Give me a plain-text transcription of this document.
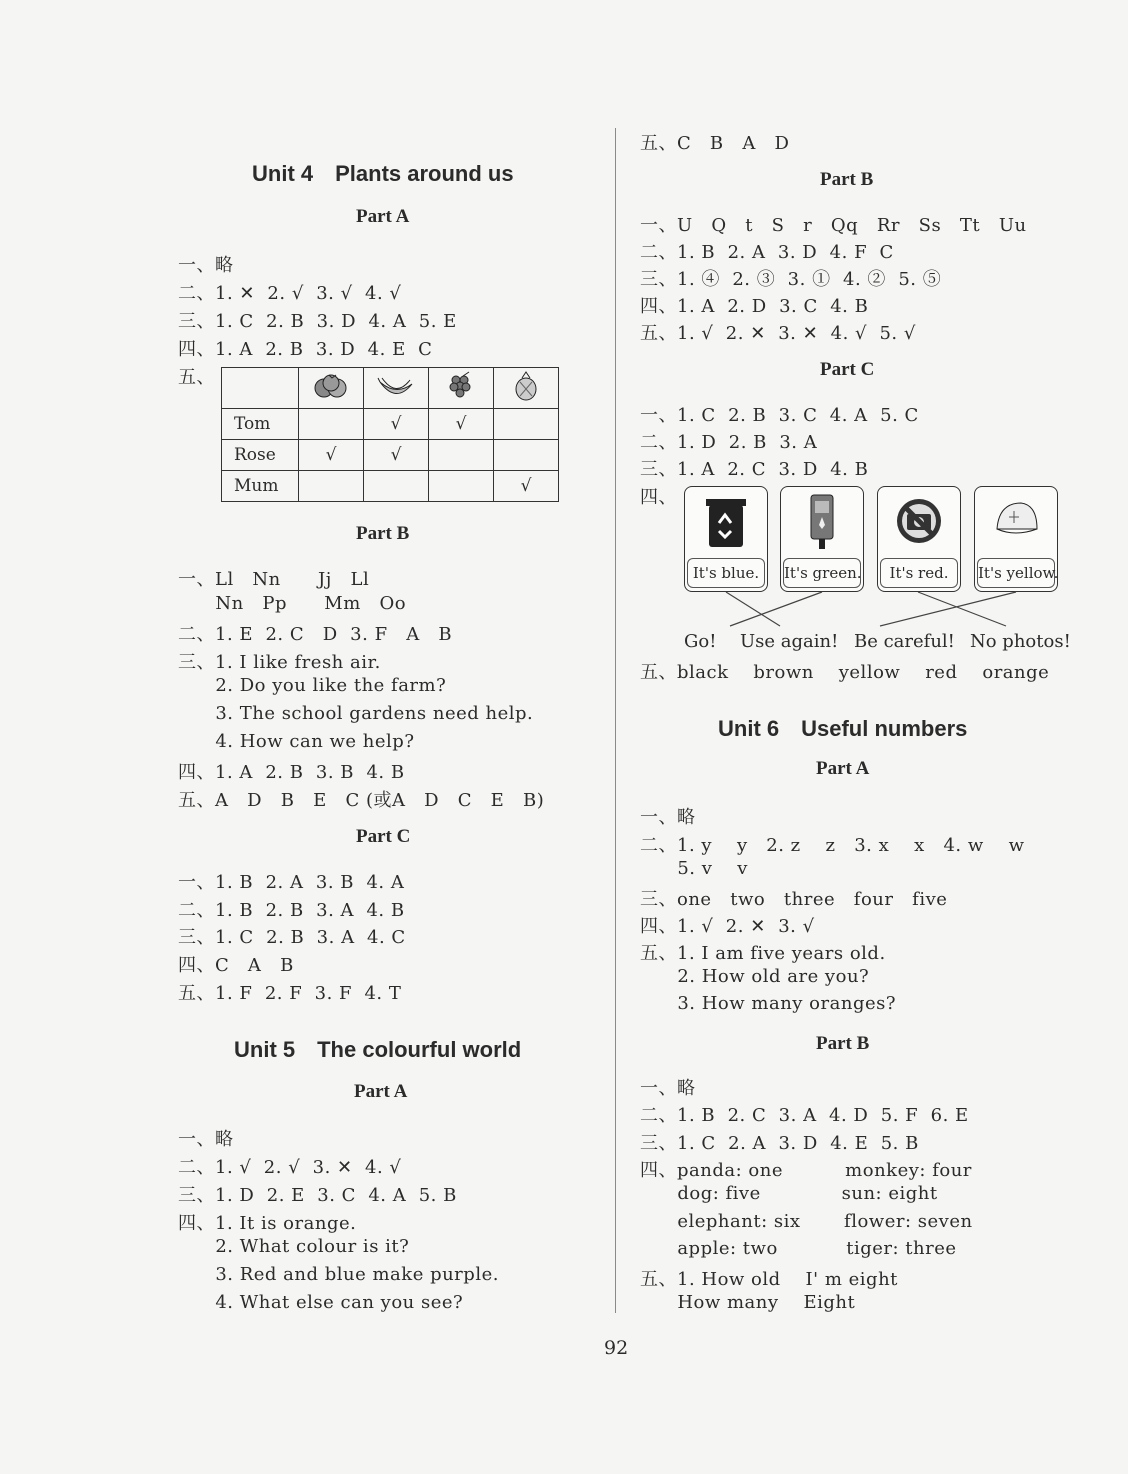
Unit 4　Plants around us
Part A
一、略
二、1. ✕  2. √  3. √  4. √
三、1. C  2. B  3. D  4. A  5. E
四、1. A  2. B  3. D  4. E  C
五、

Tom		√	√	
Rose	√	√		
Mum				√
Part B
一、Ll   Nn      Jj   Ll
Nn   Pp      Mm   Oo
二、1. E  2. C   D  3. F   A   B
三、1. I like fresh air.
2. Do you like the farm?
3. The school gardens need help.
4. How can we help?
四、1. A  2. B  3. B  4. B
五、A   D   B   E   C (或A   D   C   E   B)
Part C
一、1. B  2. A  3. B  4. A
二、1. B  2. B  3. A  4. B
三、1. C  2. B  3. A  4. C
四、C   A   B
五、1. F  2. F  3. F  4. T
Unit 5　The colourful world
Part A
一、略
二、1. √  2. √  3. ✕  4. √
三、1. D  2. E  3. C  4. A  5. B
四、1. It is orange.
2. What colour is it?
3. Red and blue make purple.
4. What else can you see?
五、C   B   A   D
Part B
一、U   Q   t   S   r   Qq   Rr   Ss   Tt   Uu
二、1. B  2. A  3. D  4. F  C
三、1. ④  2. ③  3. ①  4. ②  5. ⑤
四、1. A  2. D  3. C  4. B
五、1. √  2. ✕  3. ✕  4. √  5. √
Part C
一、1. C  2. B  3. C  4. A  5. C
二、1. D  2. B  3. A
三、1. A  2. C  3. D  4. B
四、
It's blue.	It's green.	It's red.	It's yellow.
Go! Use again! Be careful! No photos!
五、black    brown    yellow    red    orange
Unit 6　Useful numbers
Part A
一、略
二、1. y    y   2. z    z   3. x    x   4. w    w
5. v    v
三、one   two   three   four   five
四、1. √  2. ✕  3. √
五、1. I am five years old.
2. How old are you?
3. How many oranges?
Part B
一、略
二、1. B  2. C  3. A  4. D  5. F  6. E
三、1. C  2. A  3. D  4. E  5. B
四、panda: one          monkey: four
dog: five             sun: eight
elephant: six       flower: seven
apple: two           tiger: three
五、1. How old    I' m eight
How many    Eight
92
